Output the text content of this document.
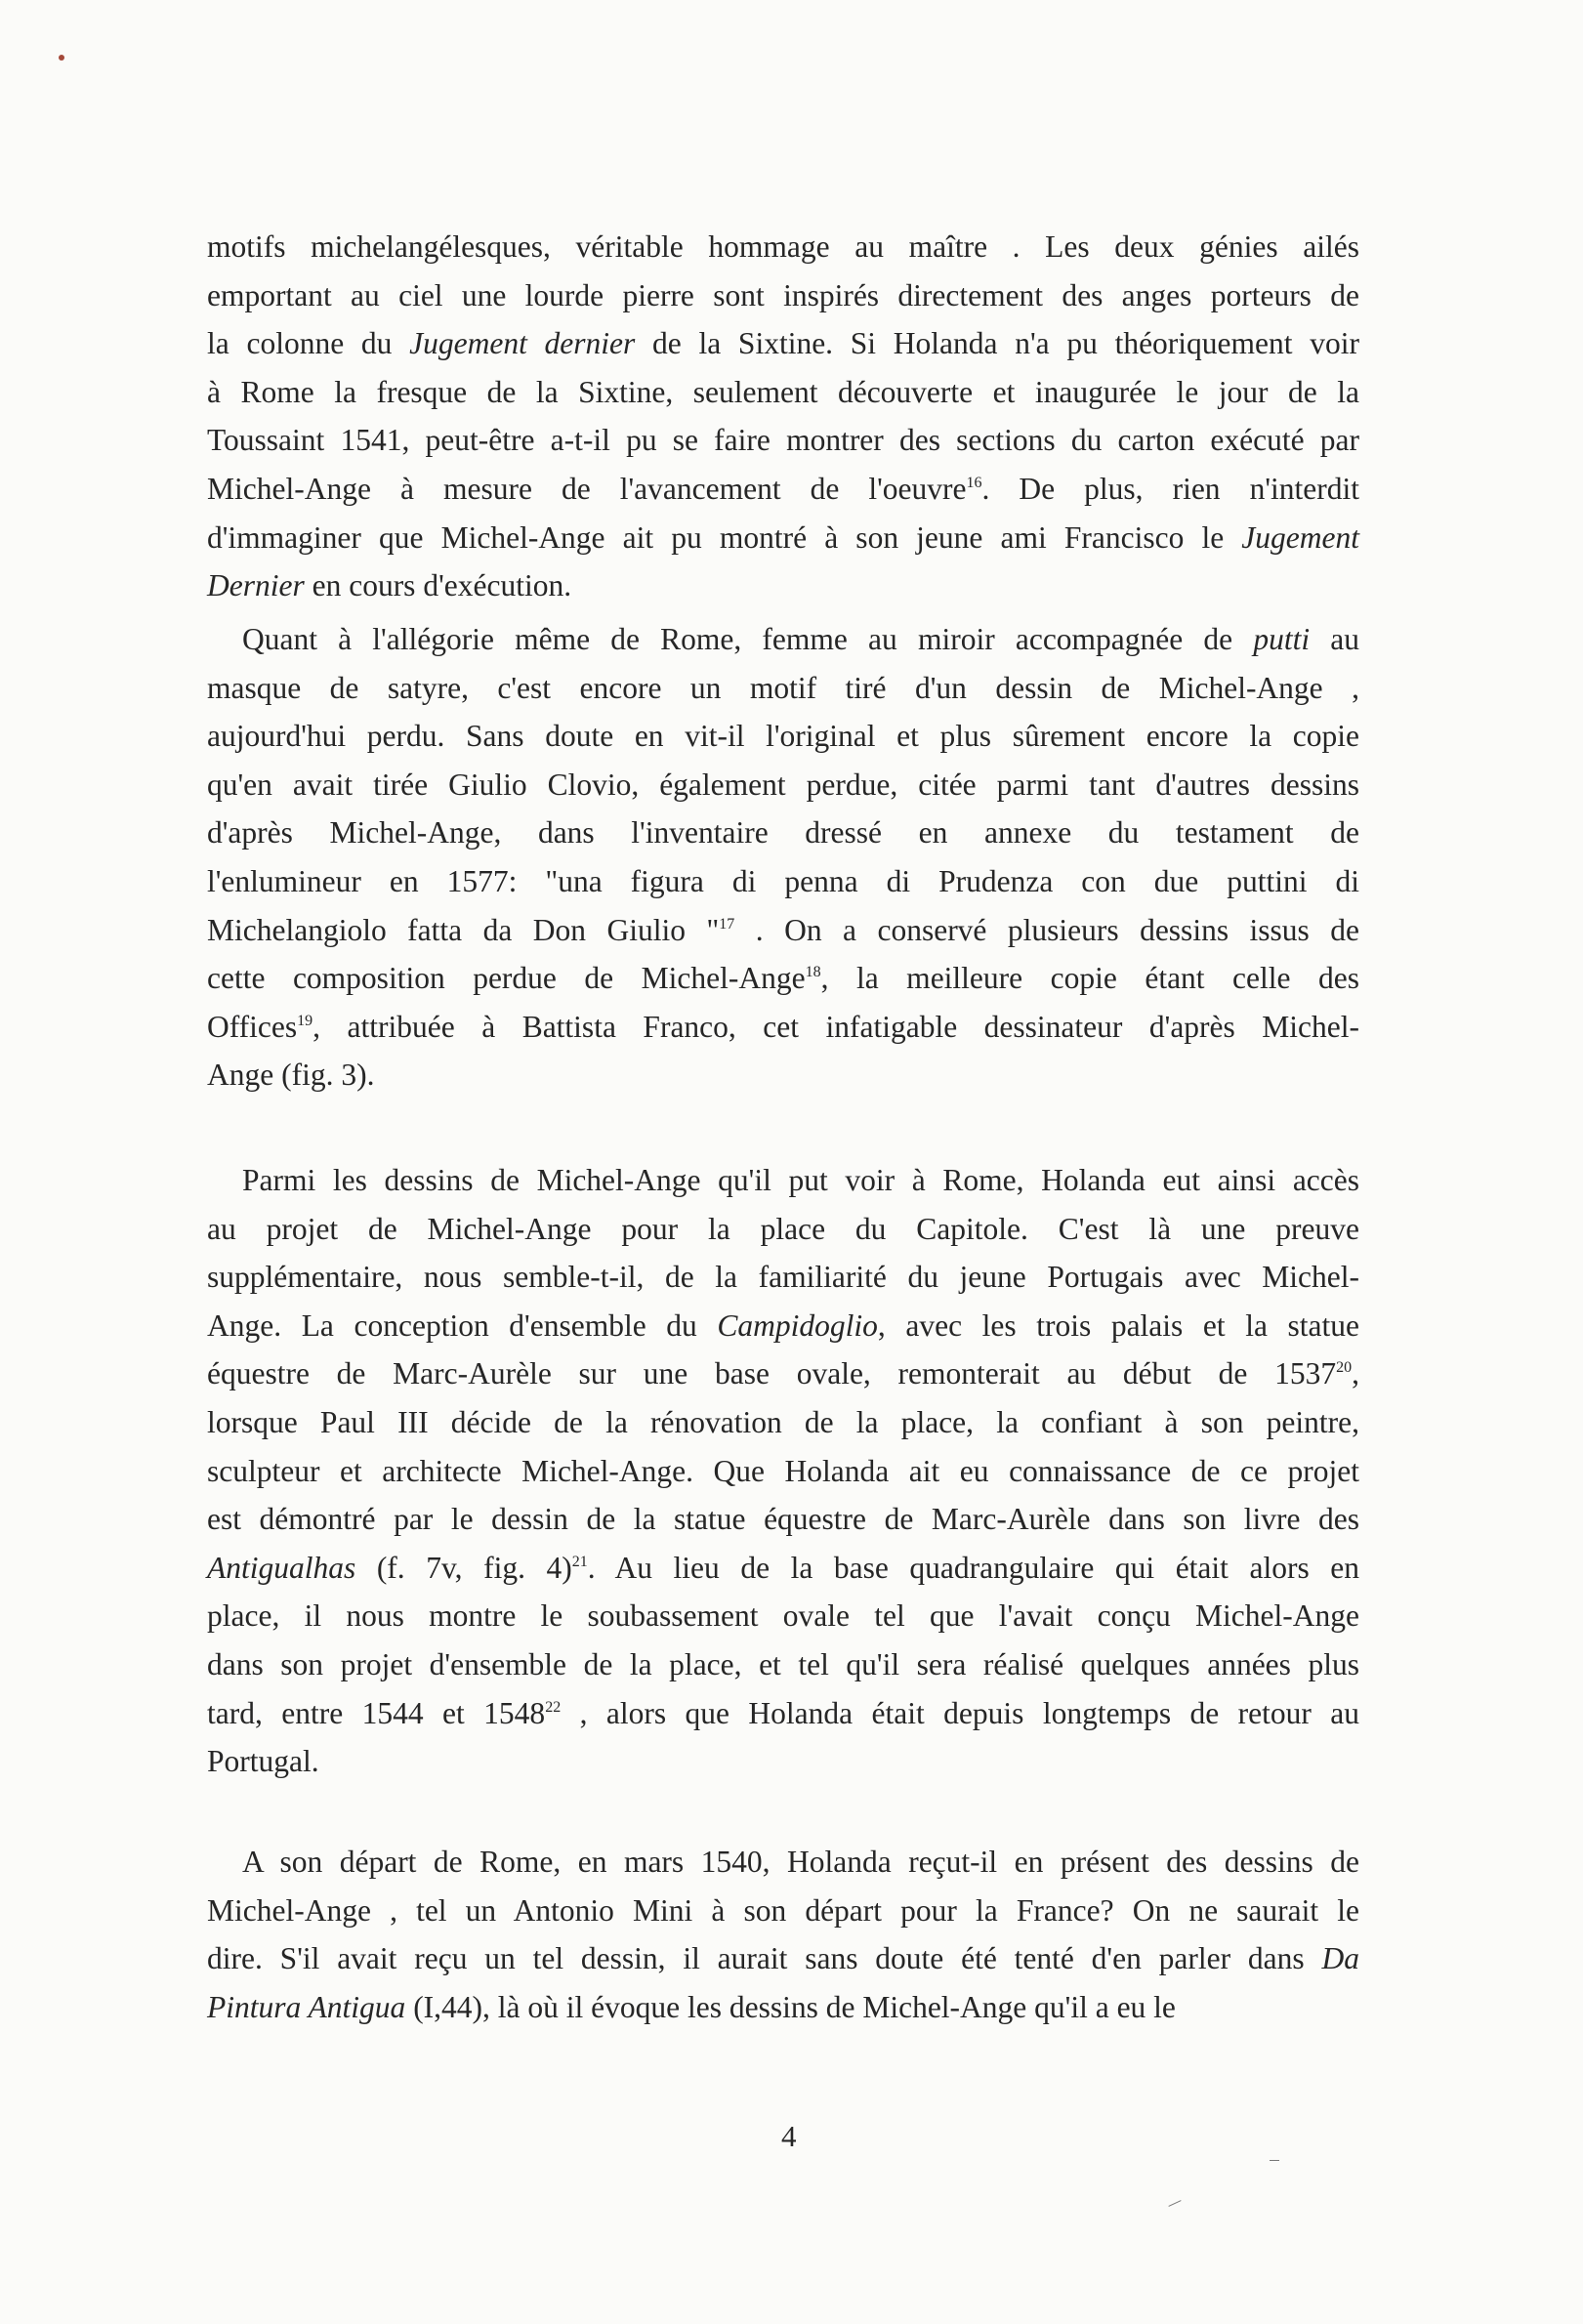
motifs michelangélesques, véritable hommage au maître . Les deux génies ailés
emportant au ciel une lourde pierre sont inspirés directement des anges porteurs de
la colonne du Jugement dernier de la Sixtine. Si Holanda n'a pu théoriquement voir
à Rome la fresque de la Sixtine, seulement découverte et inaugurée le jour de la
Toussaint 1541, peut-être a-t-il pu se faire montrer des sections du carton exécuté par
Michel-Ange à mesure de l'avancement de l'oeuvre$^{16}$. De plus, rien n'interdit
d'immaginer que Michel-Ange ait pu montré à son jeune ami Francisco le Jugement
Dernier en cours d'exécution.
Quant à l'allégorie même de Rome, femme au miroir accompagnée de putti au
masque de satyre, c'est encore un motif tiré d'un dessin de Michel-Ange ,
aujourd'hui perdu. Sans doute en vit-il l'original et plus sûrement encore la copie
qu'en avait tirée Giulio Clovio, également perdue, citée parmi tant d'autres dessins
d'après Michel-Ange, dans l'inventaire dressé en annexe du testament de
l'enlumineur en 1577: "una figura di penna di Prudenza con due puttini di
Michelangiolo fatta da Don Giulio "$^{17}$ . On a conservé plusieurs dessins issus de
cette composition perdue de Michel-Ange$^{18}$, la meilleure copie étant celle des
Offices$^{19}$, attribuée à Battista Franco, cet infatigable dessinateur d'après Michel-
Ange (fig. 3).
Parmi les dessins de Michel-Ange qu'il put voir à Rome, Holanda eut ainsi accès
au projet de Michel-Ange pour la place du Capitole. C'est là une preuve
supplémentaire, nous semble-t-il, de la familiarité du jeune Portugais avec Michel-
Ange. La conception d'ensemble du Campidoglio, avec les trois palais et la statue
équestre de Marc-Aurèle sur une base ovale, remonterait au début de 1537$^{20}$,
lorsque Paul III décide de la rénovation de la place, la confiant à son peintre,
sculpteur et architecte Michel-Ange. Que Holanda ait eu connaissance de ce projet
est démontré par le dessin de la statue équestre de Marc-Aurèle dans son livre des
Antigualhas (f. 7v, fig. 4)$^{21}$. Au lieu de la base quadrangulaire qui était alors en
place, il nous montre le soubassement ovale tel que l'avait conçu Michel-Ange
dans son projet d'ensemble de la place, et tel qu'il sera réalisé quelques années plus
tard, entre 1544 et 1548$^{22}$ , alors que Holanda était depuis longtemps de retour au
Portugal.
A son départ de Rome, en mars 1540, Holanda reçut-il en présent des dessins de
Michel-Ange , tel un Antonio Mini à son départ pour la France? On ne saurait le
dire. S'il avait reçu un tel dessin, il aurait sans doute été tenté d'en parler dans Da
Pintura Antigua (I,44), là où il évoque les dessins de Michel-Ange qu'il a eu le
4
